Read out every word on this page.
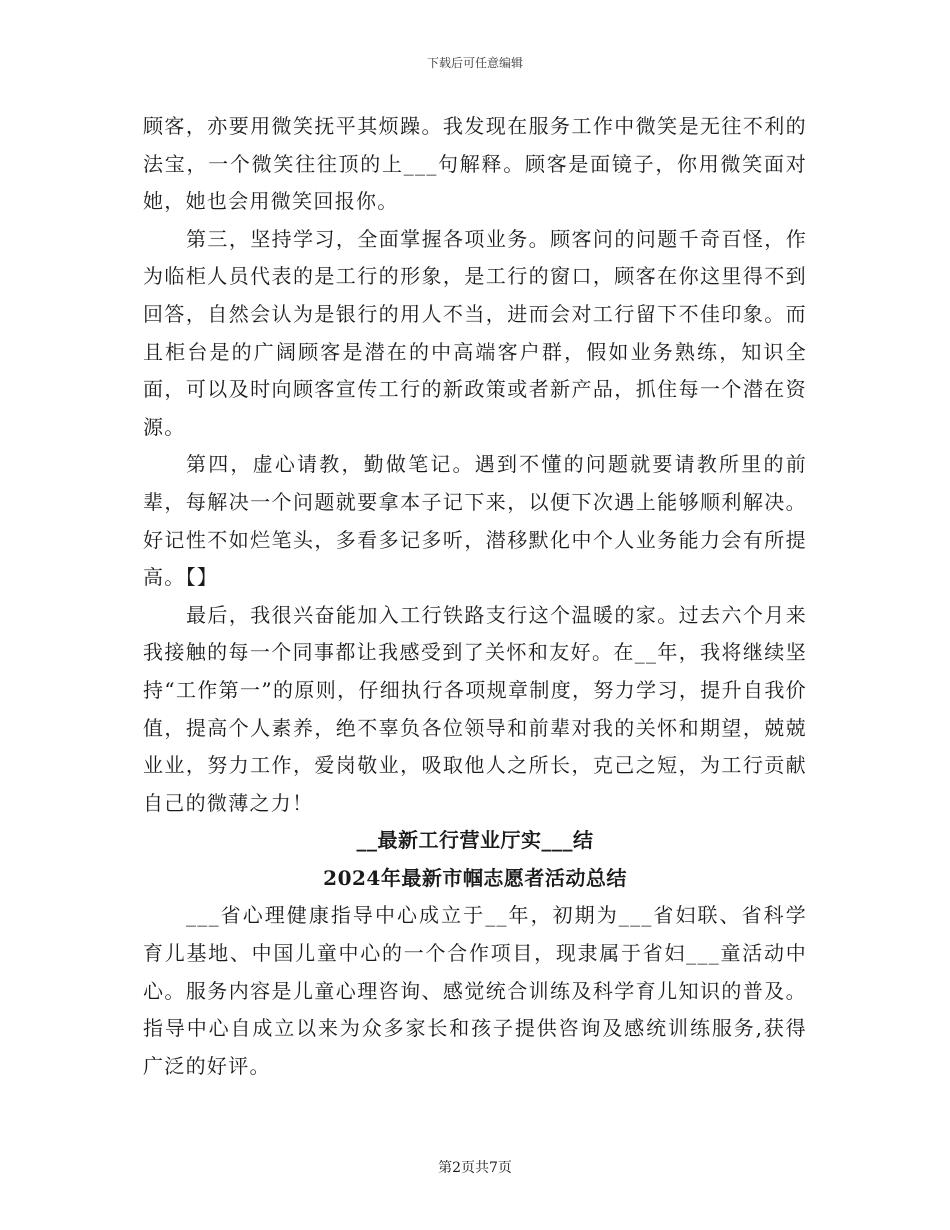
下载后可任意编辑

顾客，亦要用微笑抚平其烦躁。我发现在服务工作中微笑是无往不利的法宝，一个微笑往往顶的上___句解释。顾客是面镜子，你用微笑面对她，她也会用微笑回报你。

第三，坚持学习，全面掌握各项业务。顾客问的问题千奇百怪，作为临柜人员代表的是工行的形象，是工行的窗口，顾客在你这里得不到回答，自然会认为是银行的用人不当，进而会对工行留下不佳印象。而且柜台是的广阔顾客是潜在的中高端客户群，假如业务熟练，知识全面，可以及时向顾客宣传工行的新政策或者新产品，抓住每一个潜在资源。

第四，虚心请教，勤做笔记。遇到不懂的问题就要请教所里的前辈，每解决一个问题就要拿本子记下来，以便下次遇上能够顺利解决。好记性不如烂笔头，多看多记多听，潜移默化中个人业务能力会有所提高。【】

最后，我很兴奋能加入工行铁路支行这个温暖的家。过去六个月来我接触的每一个同事都让我感受到了关怀和友好。在__年，我将继续坚持“工作第一”的原则，仔细执行各项规章制度，努力学习，提升自我价值，提高个人素养，绝不辜负各位领导和前辈对我的关怀和期望，兢兢业业，努力工作，爱岗敬业，吸取他人之所长，克己之短，为工行贡献自己的微薄之力！

__最新工行营业厅实___结
2024年最新市帼志愿者活动总结

___省心理健康指导中心成立于__年，初期为___省妇联、省科学育儿基地、中国儿童中心的一个合作项目，现隶属于省妇___童活动中心。服务内容是儿童心理咨询、感觉统合训练及科学育儿知识的普及。指导中心自成立以来为众多家长和孩子提供咨询及感统训练服务,获得广泛的好评。

第2页共7页
